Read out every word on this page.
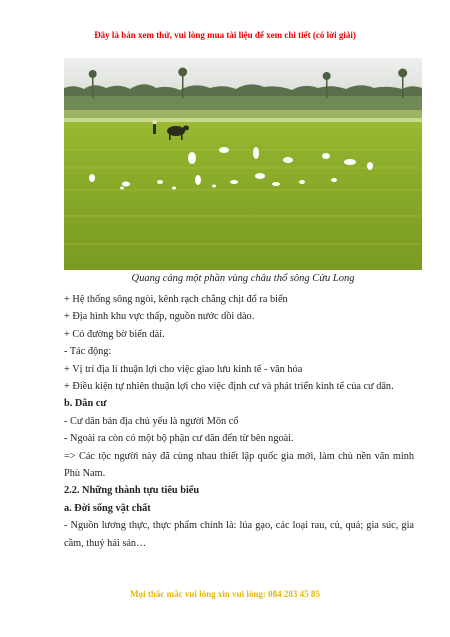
Đây là bản xem thử, vui lòng mua tài liệu để xem chi tiết (có lời giải)
Quang cảng một phần vùng châu thổ sông Cửu Long
+ Hệ thống sông ngòi, kênh rạch chằng chịt đổ ra biển
+ Địa hình khu vực thấp, nguồn nước dồi dào.
+ Có đường bờ biển dài.
- Tác động:
+ Vị trí địa lí thuận lợi cho việc giao lưu kinh tế - văn hóa
+ Điều kiện tự nhiên thuận lợi cho việc định cư và phát triển kinh tế của cư dân.
b. Dân cư
- Cư dân bản địa chủ yếu là người Môn cổ
- Ngoài ra còn có một bộ phận cư dân đến từ bên ngoài.
=> Các tộc người này đã cùng nhau thiết lập quốc gia mới, làm chủ nền văn minh Phù Nam.
2.2. Những thành tựu tiêu biểu
a. Đời sống vật chất
- Nguồn lương thực, thực phẩm chính là: lúa gạo, các loại rau, củ, quả; gia súc, gia cầm, thuỷ hải sản…
Mọi thắc mắc vui lòng xin vui lòng: 084 283 45 85
